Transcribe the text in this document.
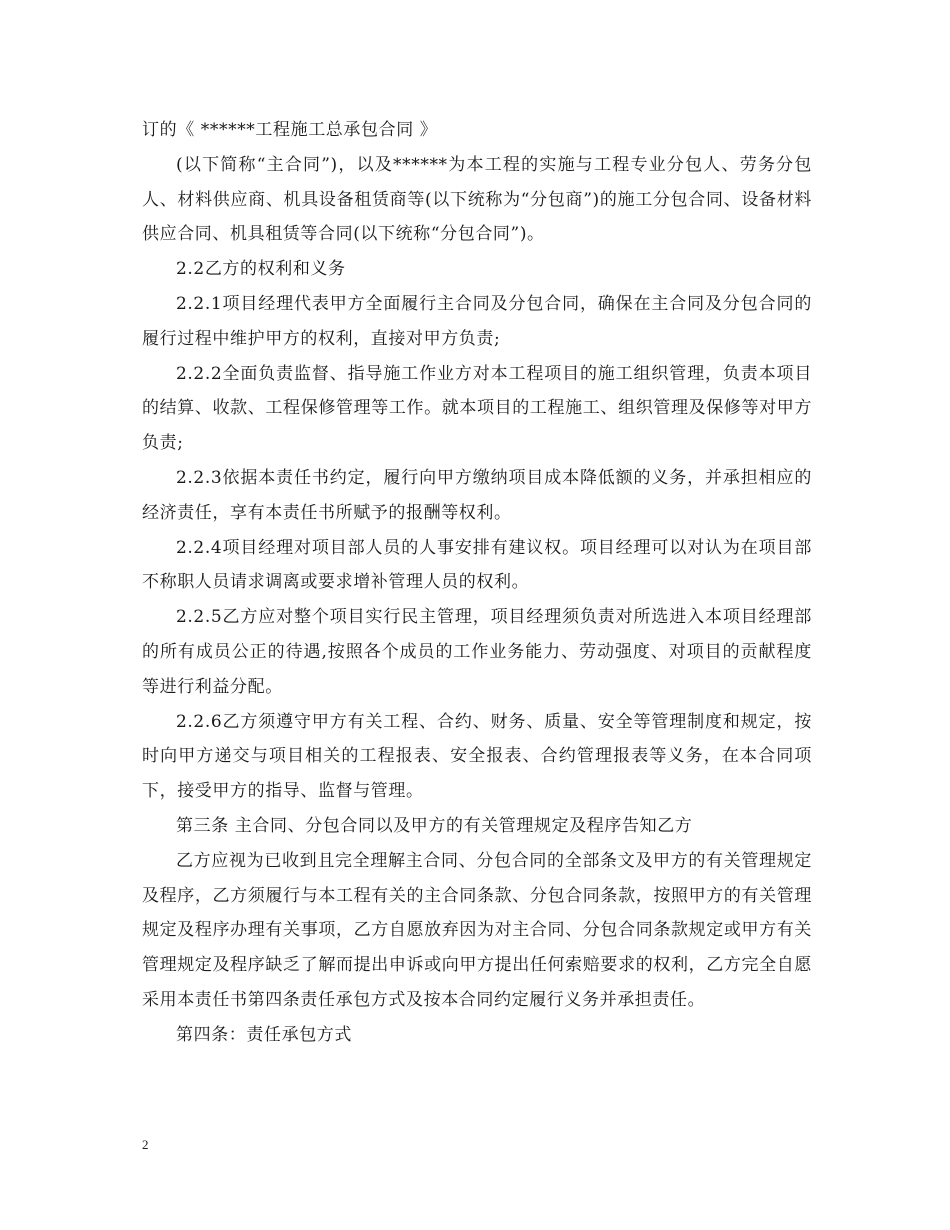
订的《 ******工程施工总承包合同 》

(以下简称“主合同”)，以及******为本工程的实施与工程专业分包人、劳务分包人、材料供应商、机具设备租赁商等(以下统称为“分包商”)的施工分包合同、设备材料供应合同、机具租赁等合同(以下统称“分包合同”)。

2.2乙方的权利和义务

2.2.1项目经理代表甲方全面履行主合同及分包合同，确保在主合同及分包合同的履行过程中维护甲方的权利，直接对甲方负责;

2.2.2全面负责监督、指导施工作业方对本工程项目的施工组织管理，负责本项目的结算、收款、工程保修管理等工作。就本项目的工程施工、组织管理及保修等对甲方负责;

2.2.3依据本责任书约定，履行向甲方缴纳项目成本降低额的义务，并承担相应的经济责任，享有本责任书所赋予的报酬等权利。

2.2.4项目经理对项目部人员的人事安排有建议权。项目经理可以对认为在项目部不称职人员请求调离或要求增补管理人员的权利。

2.2.5乙方应对整个项目实行民主管理，项目经理须负责对所选进入本项目经理部的所有成员公正的待遇,按照各个成员的工作业务能力、劳动强度、对项目的贡献程度等进行利益分配。

2.2.6乙方须遵守甲方有关工程、合约、财务、质量、安全等管理制度和规定，按时向甲方递交与项目相关的工程报表、安全报表、合约管理报表等义务，在本合同项下，接受甲方的指导、监督与管理。

第三条 主合同、分包合同以及甲方的有关管理规定及程序告知乙方

乙方应视为已收到且完全理解主合同、分包合同的全部条文及甲方的有关管理规定及程序，乙方须履行与本工程有关的主合同条款、分包合同条款，按照甲方的有关管理规定及程序办理有关事项，乙方自愿放弃因为对主合同、分包合同条款规定或甲方有关管理规定及程序缺乏了解而提出申诉或向甲方提出任何索赔要求的权利，乙方完全自愿采用本责任书第四条责任承包方式及按本合同约定履行义务并承担责任。

第四条：责任承包方式

2
